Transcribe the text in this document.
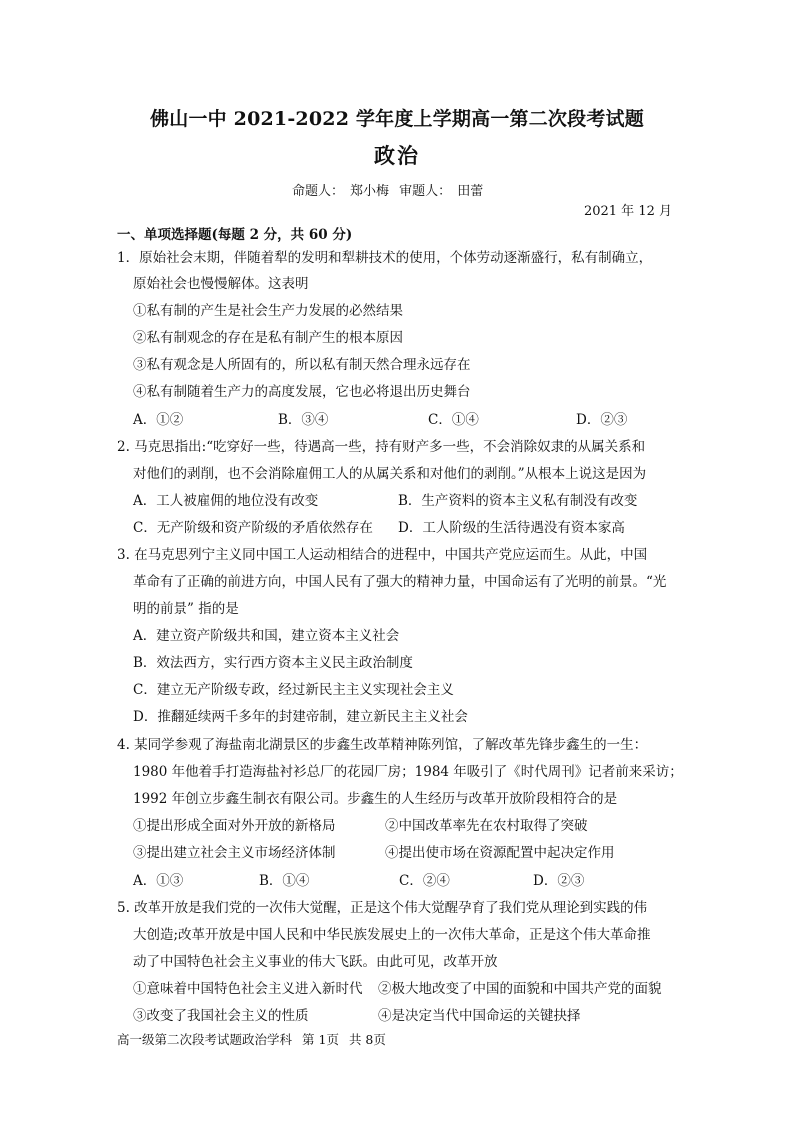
佛山一中 2021-2022 学年度上学期高一第二次段考试题
政治
命题人： 郑小梅 审题人： 田蕾
2021 年 12 月
一、单项选择题(每题 2 分，共 60 分)
1．原始社会末期，伴随着犁的发明和犁耕技术的使用，个体劳动逐渐盛行，私有制确立，
原始社会也慢慢解体。这表明
①私有制的产生是社会生产力发展的必然结果
②私有制观念的存在是私有制产生的根本原因
③私有观念是人所固有的，所以私有制天然合理永远存在
④私有制随着生产力的高度发展，它也必将退出历史舞台
A．①②	B．③④	C．①④	D．②③
2. 马克思指出:“吃穿好一些，待遇高一些，持有财产多一些，不会消除奴隶的从属关系和
对他们的剥削，也不会消除雇佣工人的从属关系和对他们的剥削。”从根本上说这是因为
A．工人被雇佣的地位没有改变	B．生产资料的资本主义私有制没有改变
C．无产阶级和资产阶级的矛盾依然存在 D．工人阶级的生活待遇没有资本家高
3. 在马克思列宁主义同中国工人运动相结合的进程中，中国共产党应运而生。从此，中国
革命有了正确的前进方向，中国人民有了强大的精神力量，中国命运有了光明的前景。“光
明的前景” 指的是
A．建立资产阶级共和国，建立资本主义社会
B．效法西方，实行西方资本主义民主政治制度
C．建立无产阶级专政，经过新民主主义实现社会主义
D．推翻延续两千多年的封建帝制，建立新民主主义社会
4. 某同学参观了海盐南北湖景区的步鑫生改革精神陈列馆，了解改革先锋步鑫生的一生：
1980 年他着手打造海盐衬衫总厂的花园厂房；1984 年吸引了《时代周刊》记者前来采访；
1992 年创立步鑫生制衣有限公司。步鑫生的人生经历与改革开放阶段相符合的是
①提出形成全面对外开放的新格局	②中国改革率先在农村取得了突破
③提出建立社会主义市场经济体制	④提出使市场在资源配置中起决定作用
A．①③	B．①④	C．②④	D．②③
5. 改革开放是我们党的一次伟大觉醒，正是这个伟大觉醒孕育了我们党从理论到实践的伟
大创造;改革开放是中国人民和中华民族发展史上的一次伟大革命，正是这个伟大革命推
动了中国特色社会主义事业的伟大飞跃。由此可见，改革开放
①意味着中国特色社会主义进入新时代 ②极大地改变了中国的面貌和中国共产党的面貌
③改变了我国社会主义的性质	④是决定当代中国命运的关键抉择
高一级第二次段考试题政治学科 第 1页 共 8页
